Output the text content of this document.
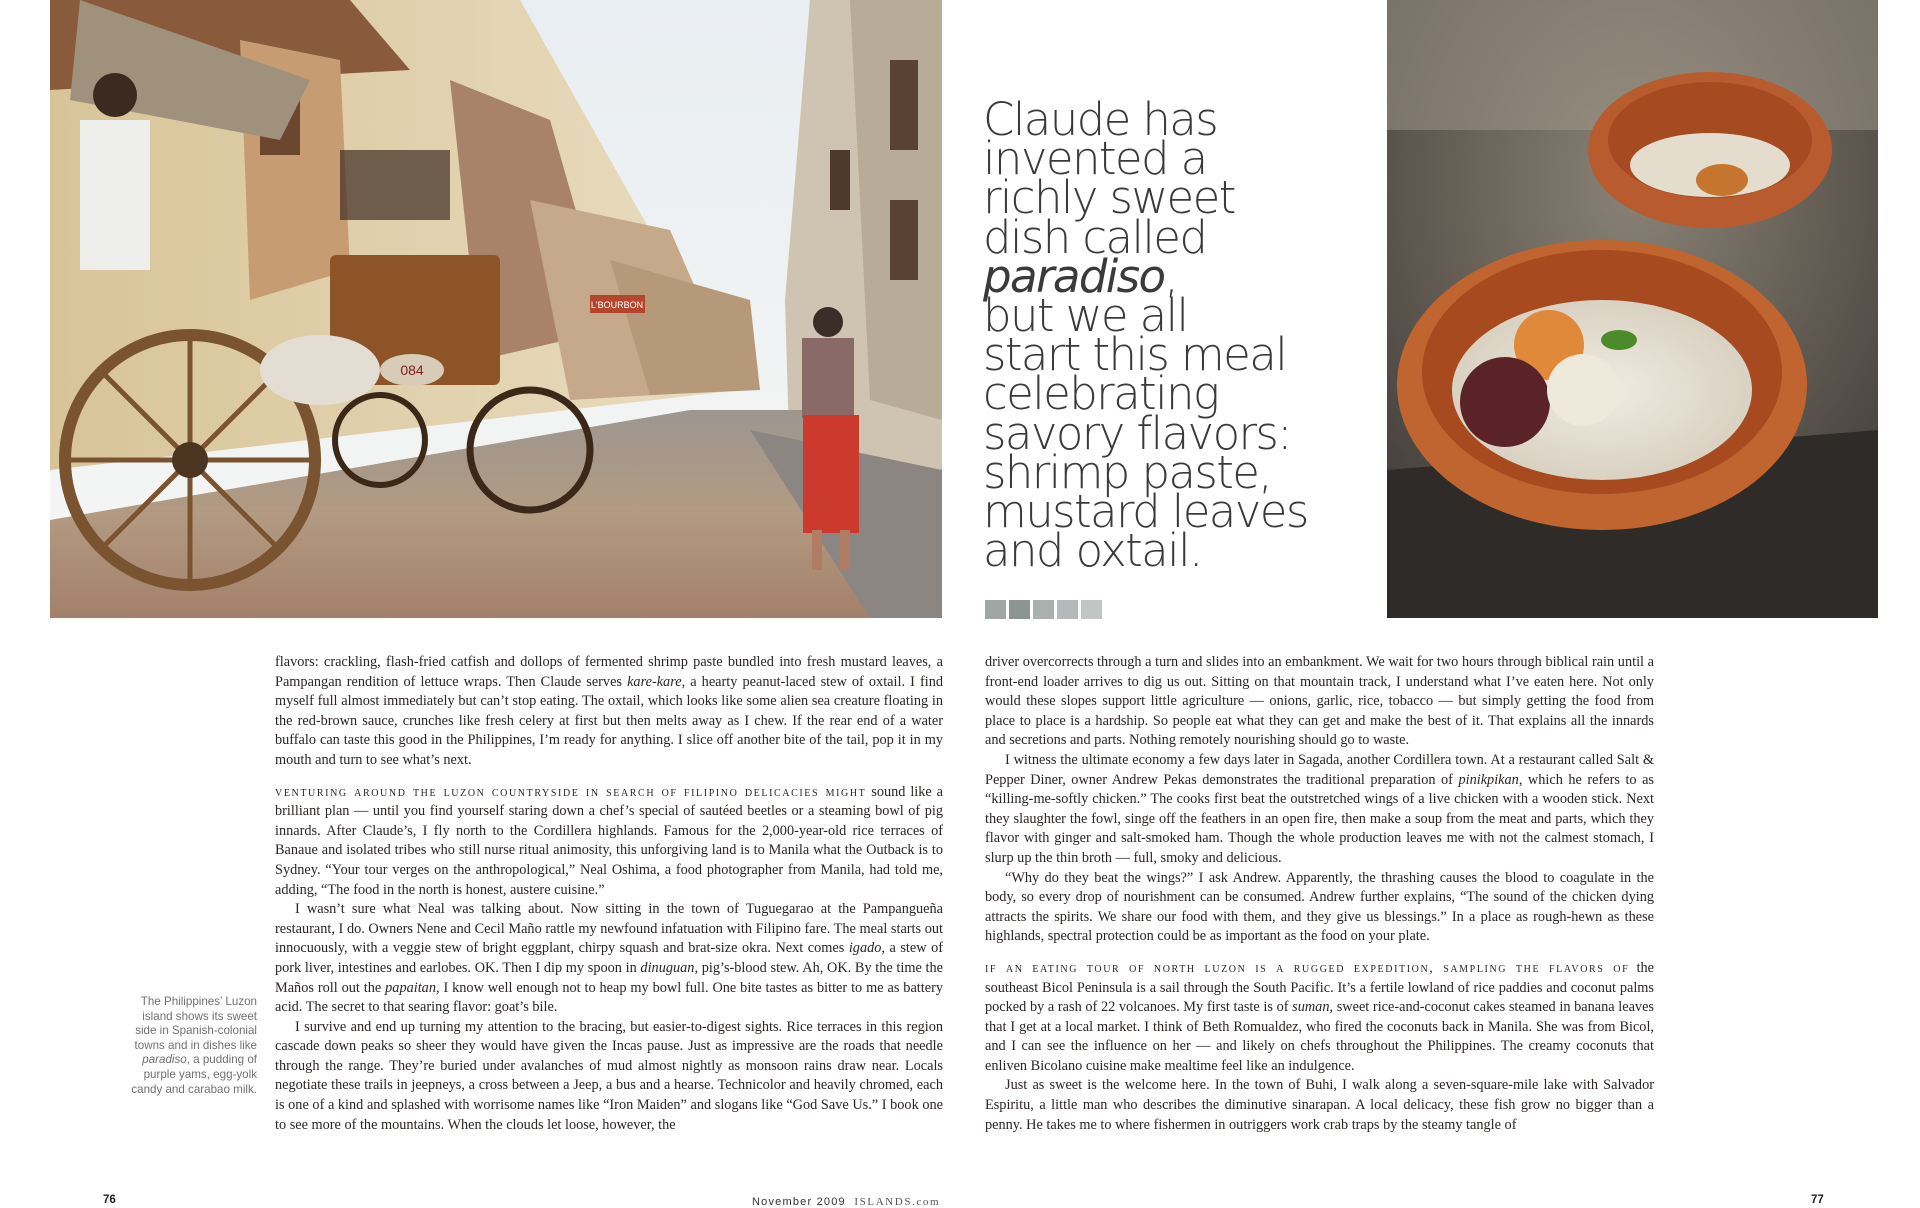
084
L'BOURBON
Claude has
invented a
richly sweet
dish called
paradiso,
but we all
start this meal
celebrating
savory flavors:
shrimp paste,
mustard leaves
and oxtail.

flavors: crackling, flash-fried catfish and dollops of fermented shrimp paste bundled into fresh mustard leaves, a Pampangan rendition of lettuce wraps. Then Claude serves kare-kare, a hearty peanut-laced stew of oxtail. I find myself full almost immediately but can’t stop eating. The oxtail, which looks like some alien sea creature floating in the red-brown sauce, crunches like fresh celery at first but then melts away as I chew. If the rear end of a water buffalo can taste this good in the Philippines, I’m ready for anything. I slice off another bite of the tail, pop it in my mouth and turn to see what’s next.

venturing around the luzon countryside in search of filipino delicacies might sound like a brilliant plan — until you find yourself staring down a chef’s special of sautéed beetles or a steaming bowl of pig innards. After Claude’s, I fly north to the Cordillera highlands. Famous for the 2,000-year-old rice terraces of Banaue and isolated tribes who still nurse ritual animosity, this unforgiving land is to Manila what the Outback is to Sydney. “Your tour verges on the anthropological,” Neal Oshima, a food photographer from Manila, had told me, adding, “The food in the north is honest, austere cuisine.”

I wasn’t sure what Neal was talking about. Now sitting in the town of Tuguegarao at the Pampangueña restaurant, I do. Owners Nene and Cecil Maño rattle my newfound infatuation with Filipino fare. The meal starts out innocuously, with a veggie stew of bright eggplant, chirpy squash and brat-size okra. Next comes igado, a stew of pork liver, intestines and earlobes. OK. Then I dip my spoon in dinuguan, pig’s-blood stew. Ah, OK. By the time the Maños roll out the papaitan, I know well enough not to heap my bowl full. One bite tastes as bitter to me as battery acid. The secret to that searing flavor: goat’s bile.

I survive and end up turning my attention to the bracing, but easier-to-digest sights. Rice terraces in this region cascade down peaks so sheer they would have given the Incas pause. Just as impressive are the roads that needle through the range. They’re buried under avalanches of mud almost nightly as monsoon rains draw near. Locals negotiate these trails in jeepneys, a cross between a Jeep, a bus and a hearse. Technicolor and heavily chromed, each is one of a kind and splashed with worrisome names like “Iron Maiden” and slogans like “God Save Us.” I book one to see more of the mountains. When the clouds let loose, however, the

driver overcorrects through a turn and slides into an embankment. We wait for two hours through biblical rain until a front-end loader arrives to dig us out. Sitting on that mountain track, I understand what I’ve eaten here. Not only would these slopes support little agriculture — onions, garlic, rice, tobacco — but simply getting the food from place to place is a hardship. So people eat what they can get and make the best of it. That explains all the innards and secretions and parts. Nothing remotely nourishing should go to waste.

I witness the ultimate economy a few days later in Sagada, another Cordillera town. At a restaurant called Salt & Pepper Diner, owner Andrew Pekas demonstrates the traditional preparation of pinikpikan, which he refers to as “killing-me-softly chicken.” The cooks first beat the outstretched wings of a live chicken with a wooden stick. Next they slaughter the fowl, singe off the feathers in an open fire, then make a soup from the meat and parts, which they flavor with ginger and salt-smoked ham. Though the whole production leaves me with not the calmest stomach, I slurp up the thin broth — full, smoky and delicious.

“Why do they beat the wings?” I ask Andrew. Apparently, the thrashing causes the blood to coagulate in the body, so every drop of nourishment can be consumed. Andrew further explains, “The sound of the chicken dying attracts the spirits. We share our food with them, and they give us blessings.” In a place as rough-hewn as these highlands, spectral protection could be as important as the food on your plate.

if an eating tour of north luzon is a rugged expedition, sampling the flavors of the southeast Bicol Peninsula is a sail through the South Pacific. It’s a fertile lowland of rice paddies and coconut palms pocked by a rash of 22 volcanoes. My first taste is of suman, sweet rice-and-coconut cakes steamed in banana leaves that I get at a local market. I think of Beth Romualdez, who fired the coconuts back in Manila. She was from Bicol, and I can see the influence on her — and likely on chefs throughout the Philippines. The creamy coconuts that enliven Bicolano cuisine make mealtime feel like an indulgence.

Just as sweet is the welcome here. In the town of Buhi, I walk along a seven-square-mile lake with Salvador Espiritu, a little man who describes the diminutive sinarapan. A local delicacy, these fish grow no bigger than a penny. He takes me to where fishermen in outriggers work crab traps by the steamy tangle of

The Philippines’ Luzon island shows its sweet side in Spanish-colonial towns and in dishes like paradiso, a pudding of purple yams, egg-yolk candy and carabao milk.
76	November 2009 ISLANDS.com	77
